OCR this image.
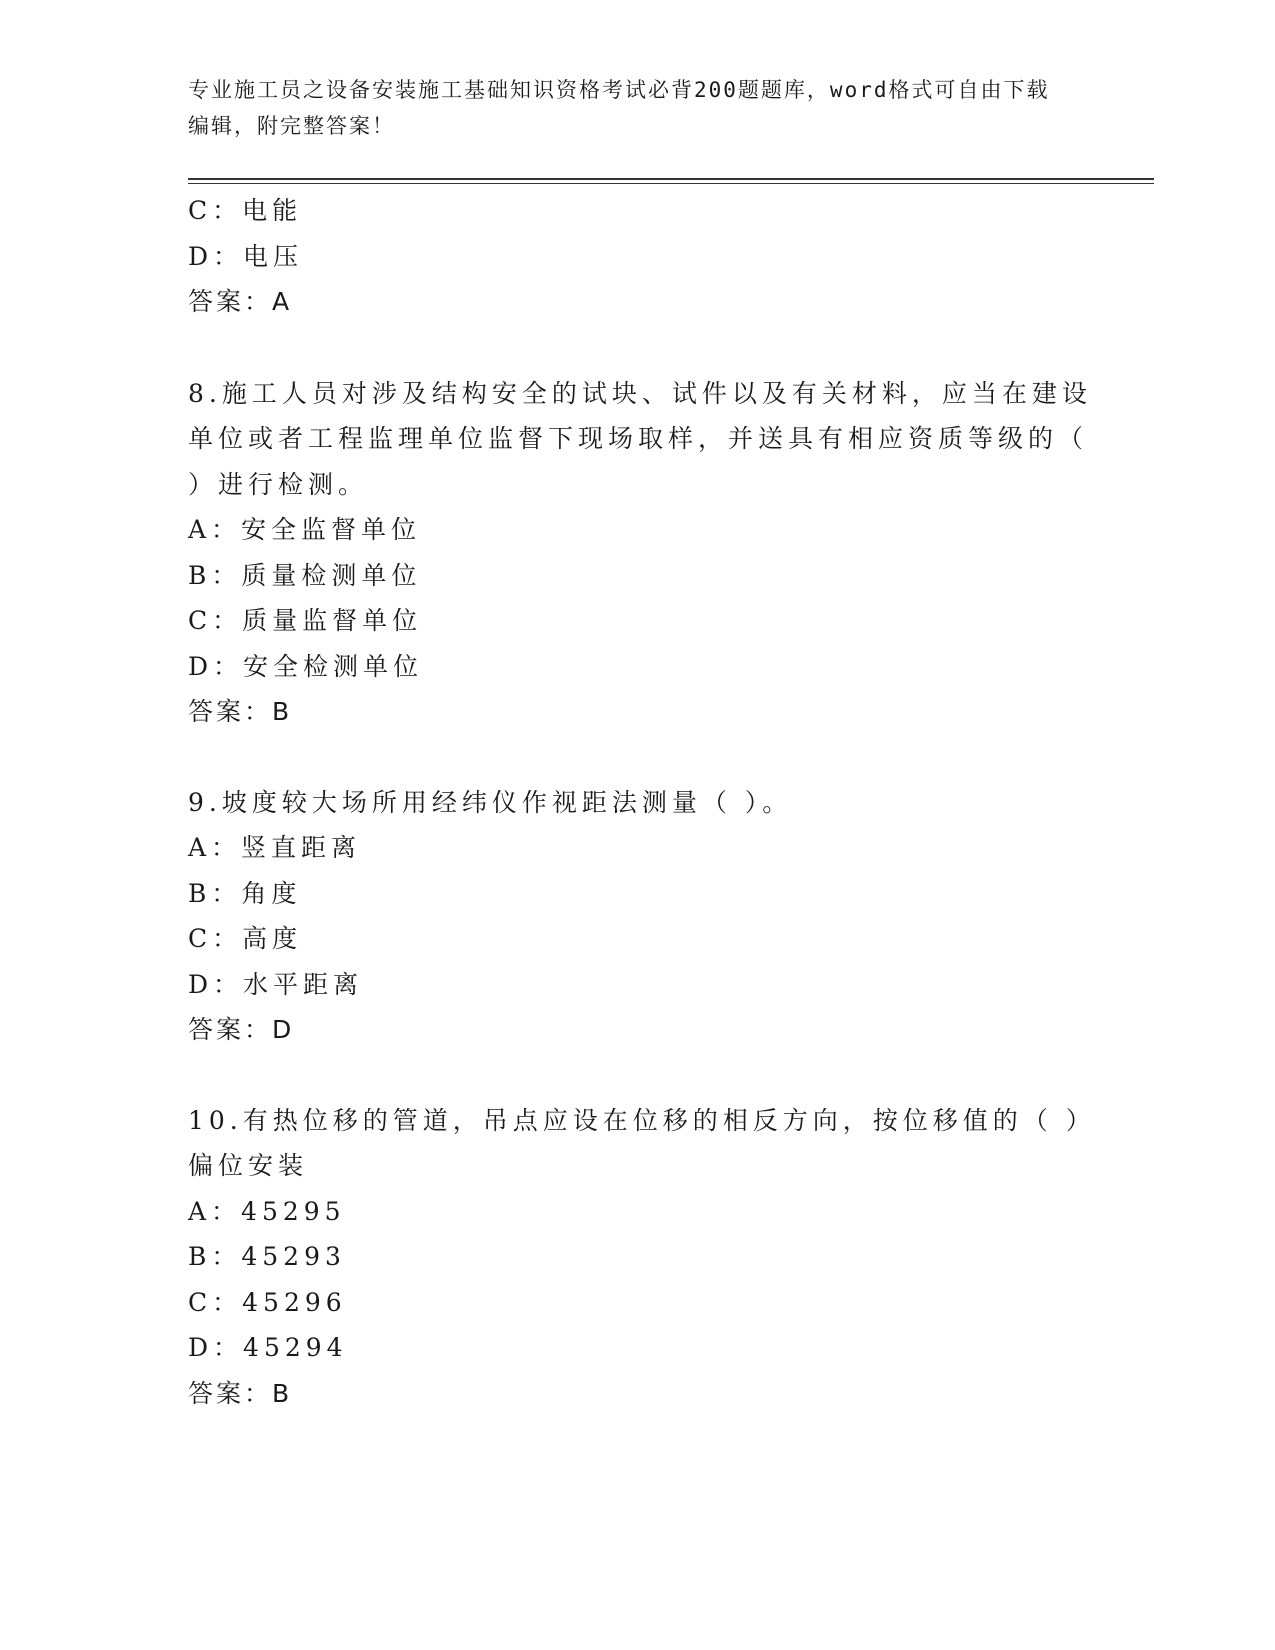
专业施工员之设备安装施工基础知识资格考试必背200题题库，word格式可自由下载编辑，附完整答案！
C：电能
D：电压
答案：A
8.施工人员对涉及结构安全的试块、试件以及有关材料，应当在建设
单位或者工程监理单位监督下现场取样，并送具有相应资质等级的（
）进行检测。
A：安全监督单位
B：质量检测单位
C：质量监督单位
D：安全检测单位
答案：B
9.坡度较大场所用经纬仪作视距法测量（ ）。
A：竖直距离
B：角度
C：高度
D：水平距离
答案：D
10.有热位移的管道，吊点应设在位移的相反方向，按位移值的（ ）
偏位安装
A：45295
B：45293
C：45296
D：45294
答案：B
